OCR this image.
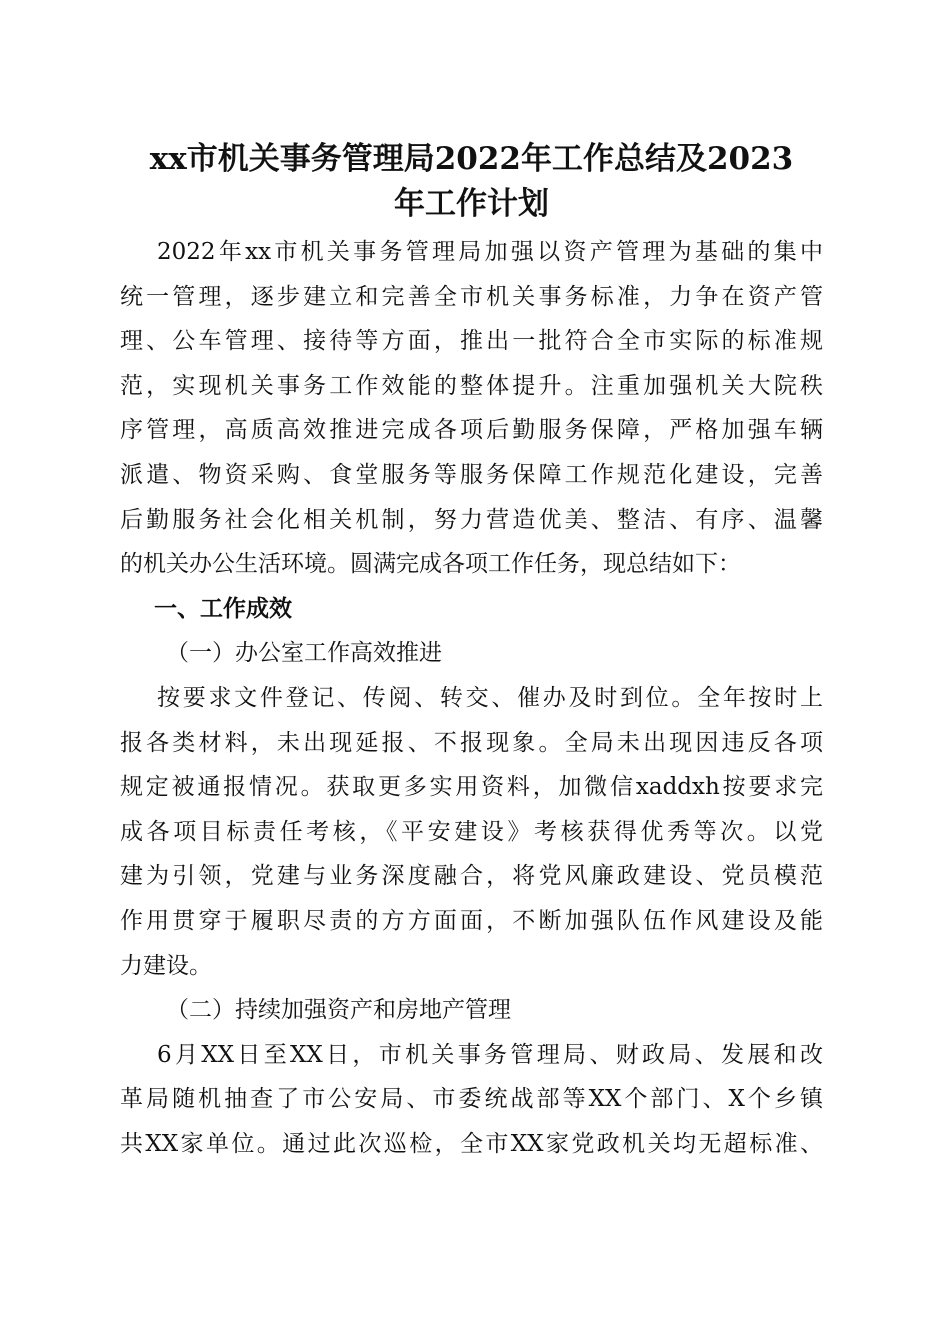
xx市机关事务管理局2022年工作总结及2023
年工作计划
2022年xx市机关事务管理局加强以资产管理为基础的集中
统一管理，逐步建立和完善全市机关事务标准，力争在资产管
理、公车管理、接待等方面，推出一批符合全市实际的标准规
范，实现机关事务工作效能的整体提升。注重加强机关大院秩
序管理，高质高效推进完成各项后勤服务保障，严格加强车辆
派遣、物资采购、食堂服务等服务保障工作规范化建设，完善
后勤服务社会化相关机制，努力营造优美、整洁、有序、温馨
的机关办公生活环境。圆满完成各项工作任务，现总结如下：
一、工作成效
（一）办公室工作高效推进
按要求文件登记、传阅、转交、催办及时到位。全年按时上
报各类材料，未出现延报、不报现象。全局未出现因违反各项
规定被通报情况。获取更多实用资料，加微信xaddxh按要求完
成各项目标责任考核，《平安建设》考核获得优秀等次。以党
建为引领，党建与业务深度融合，将党风廉政建设、党员模范
作用贯穿于履职尽责的方方面面，不断加强队伍作风建设及能
力建设。
（二）持续加强资产和房地产管理
6月XX日至XX日，市机关事务管理局、财政局、发展和改
革局随机抽查了市公安局、市委统战部等XX个部门、X个乡镇
共XX家单位。通过此次巡检，全市XX家党政机关均无超标准、
